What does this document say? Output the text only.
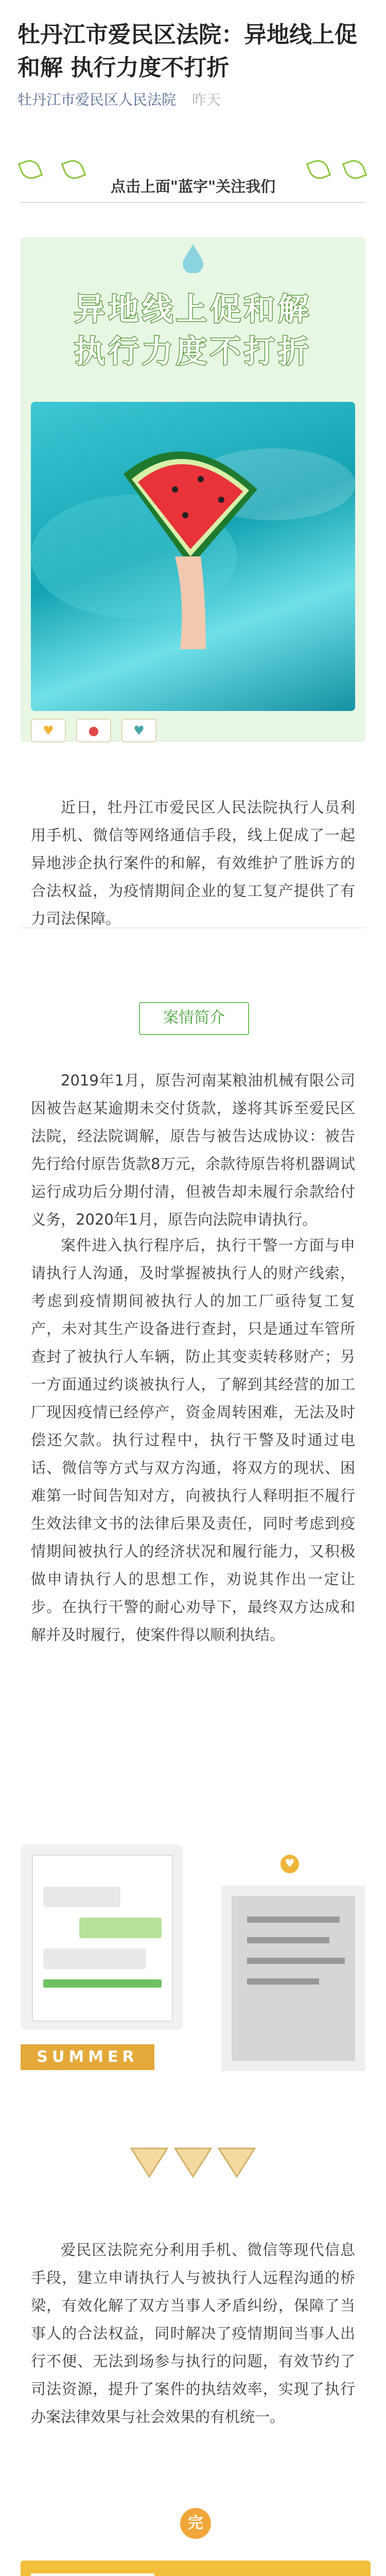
牡丹江市爱民区法院：异地线上促和解 执行力度不打折
牡丹江市爱民区人民法院 昨天
点击上面"蓝字"关注我们
异地线上促和解
执行力度不打折
♥	●	♥
近日，牡丹江市爱民区人民法院执行人员利用手机、微信等网络通信手段，线上促成了一起异地涉企执行案件的和解，有效维护了胜诉方的合法权益，为疫情期间企业的复工复产提供了有力司法保障。
案情简介
2019年1月，原告河南某粮油机械有限公司因被告赵某逾期未交付货款，遂将其诉至爱民区法院，经法院调解，原告与被告达成协议：被告先行给付原告货款8万元，余款待原告将机器调试运行成功后分期付清，但被告却未履行余款给付义务，2020年1月，原告向法院申请执行。
案件进入执行程序后，执行干警一方面与申请执行人沟通，及时掌握被执行人的财产线索，考虑到疫情期间被执行人的加工厂亟待复工复产，未对其生产设备进行查封，只是通过车管所查封了被执行人车辆，防止其变卖转移财产；另一方面通过约谈被执行人，了解到其经营的加工厂现因疫情已经停产，资金周转困难，无法及时偿还欠款。执行过程中，执行干警及时通过电话、微信等方式与双方沟通，将双方的现状、困难第一时间告知对方，向被执行人释明拒不履行生效法律文书的法律后果及责任，同时考虑到疫情期间被执行人的经济状况和履行能力，又积极做申请执行人的思想工作，劝说其作出一定让步。在执行干警的耐心劝导下，最终双方达成和解并及时履行，使案件得以顺利执结。
♥
SUMMER
爱民区法院充分利用手机、微信等现代信息手段，建立申请执行人与被执行人远程沟通的桥梁，有效化解了双方当事人矛盾纠纷，保障了当事人的合法权益，同时解决了疫情期间当事人出行不便、无法到场参与执行的问题，有效节约了司法资源，提升了案件的执结效率，实现了执行办案法律效果与社会效果的有机统一。
完
